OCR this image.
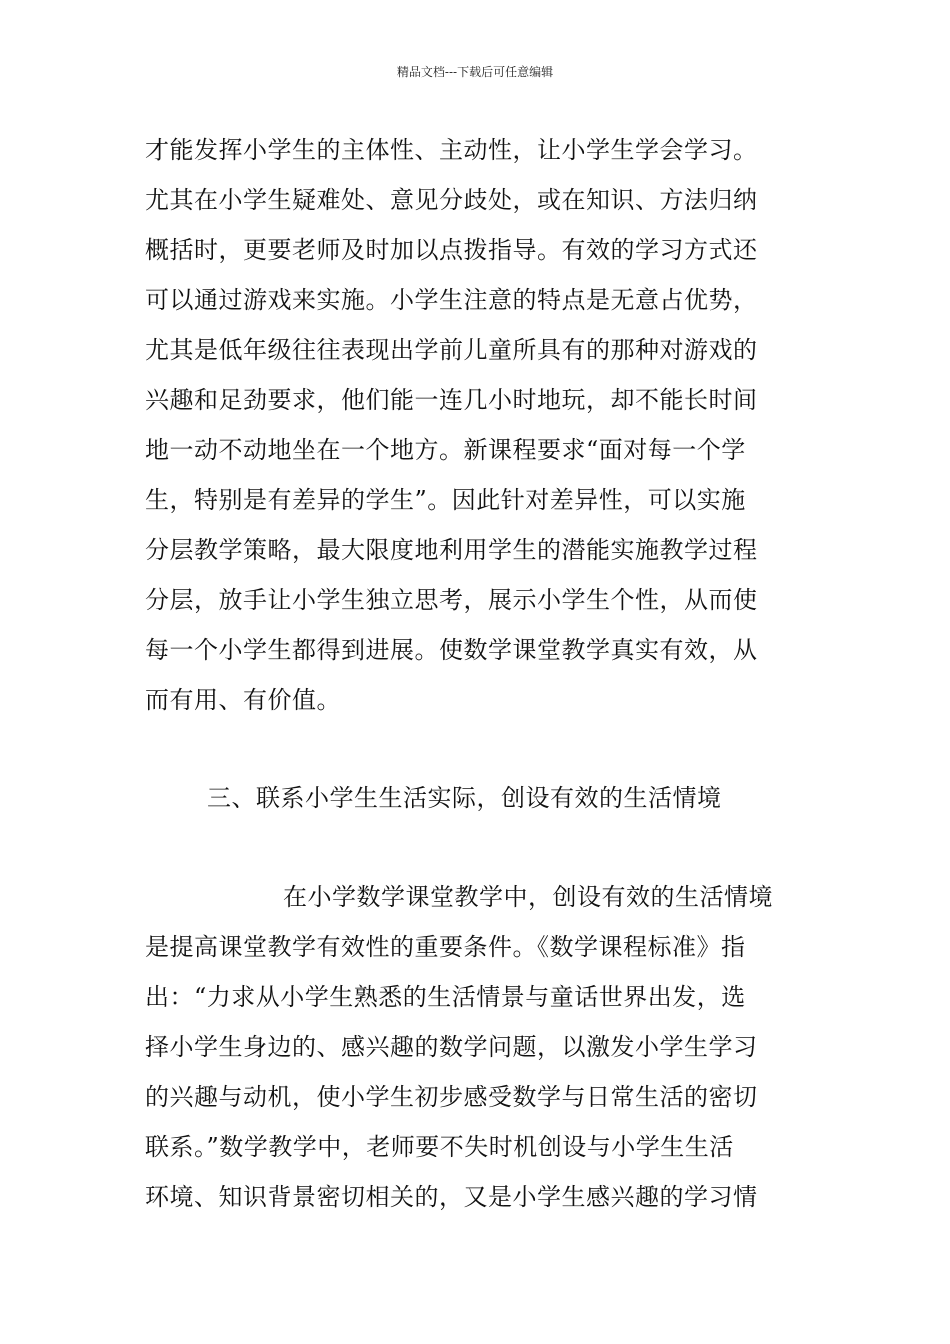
精品文档---下载后可任意编辑
才能发挥小学生的主体性、主动性，让小学生学会学习。
尤其在小学生疑难处、意见分歧处，或在知识、方法归纳
概括时，更要老师及时加以点拨指导。有效的学习方式还
可以通过游戏来实施。小学生注意的特点是无意占优势，
尤其是低年级往往表现出学前儿童所具有的那种对游戏的
兴趣和足劲要求，他们能一连几小时地玩，却不能长时间
地一动不动地坐在一个地方。新课程要求“面对每一个学
生，特别是有差异的学生”。因此针对差异性，可以实施
分层教学策略，最大限度地利用学生的潜能实施教学过程
分层，放手让小学生独立思考，展示小学生个性，从而使
每一个小学生都得到进展。使数学课堂教学真实有效，从
而有用、有价值。
三、联系小学生生活实际，创设有效的生活情境
在小学数学课堂教学中，创设有效的生活情境
是提高课堂教学有效性的重要条件。《数学课程标准》指
出：“力求从小学生熟悉的生活情景与童话世界出发，选
择小学生身边的、感兴趣的数学问题，以激发小学生学习
的兴趣与动机，使小学生初步感受数学与日常生活的密切
联系。”数学教学中，老师要不失时机创设与小学生生活
环境、知识背景密切相关的，又是小学生感兴趣的学习情
